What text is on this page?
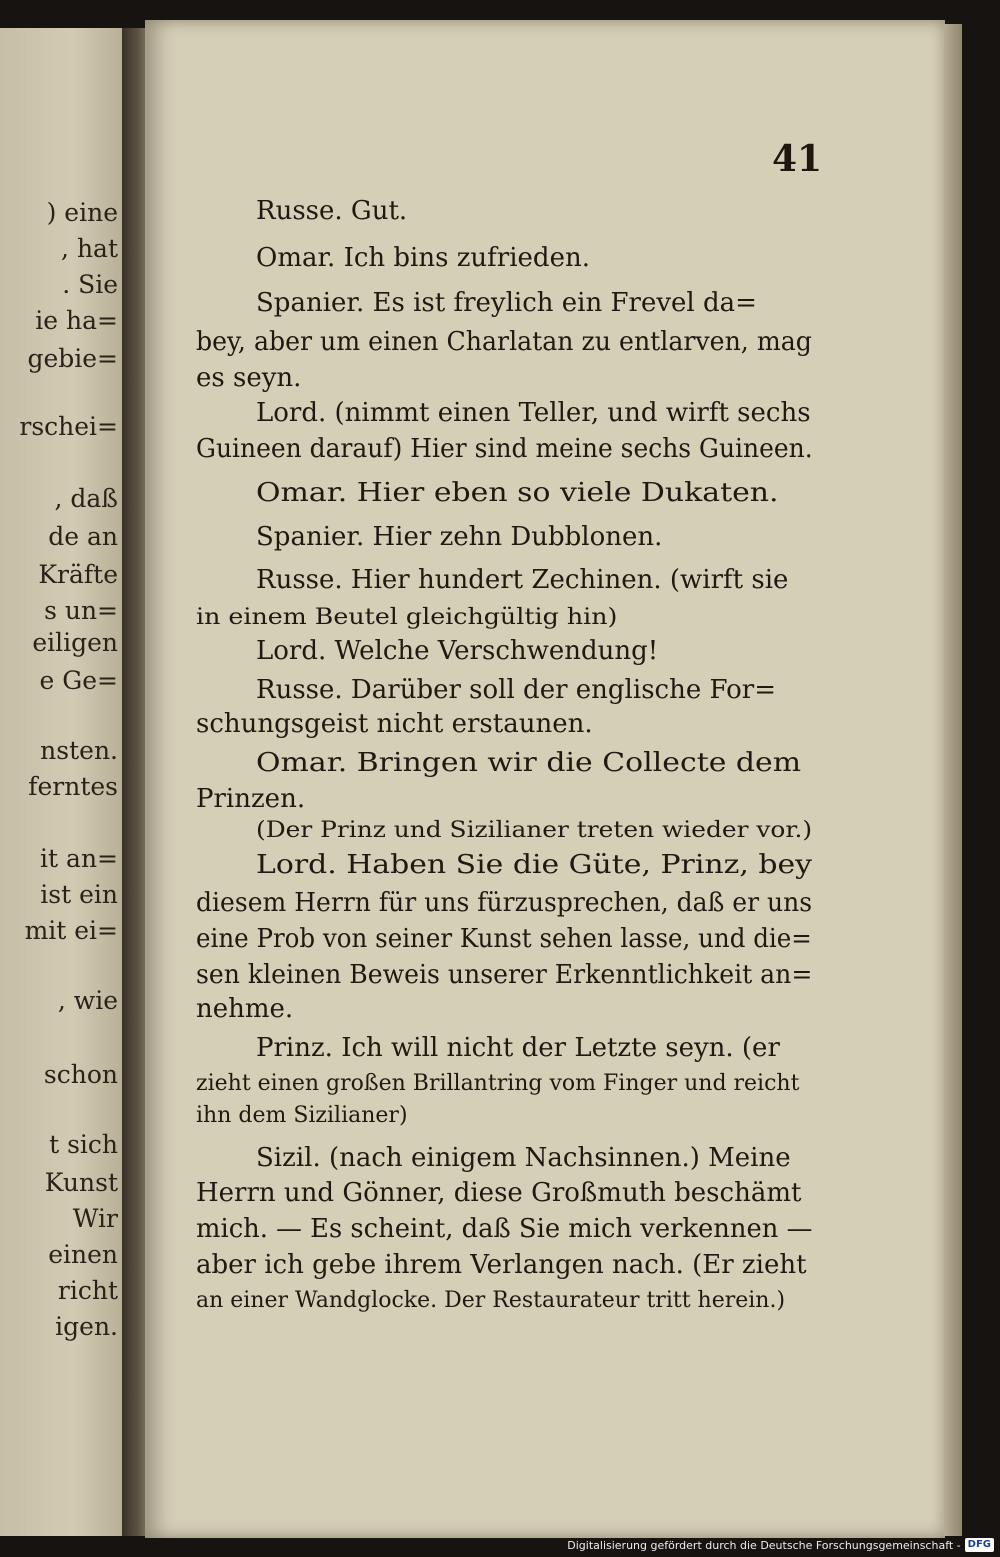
) eine
, hat
. Sie
ie ha=
gebie=
rschei=
, daß
de an
Kräfte
s un=
eiligen
e Ge=
nsten.
ferntes
it an=
ist ein
mit ei=
, wie
schon
t sich
Kunst
Wir
einen
richt
igen.
41
Russe. Gut.
Omar. Ich bins zufrieden.
Spanier. Es ist freylich ein Frevel da=
bey, aber um einen Charlatan zu entlarven, mag
es seyn.
Lord. (nimmt einen Teller, und wirft sechs
Guineen darauf) Hier sind meine sechs Guineen.
Omar. Hier eben so viele Dukaten.
Spanier. Hier zehn Dubblonen.
Russe. Hier hundert Zechinen. (wirft sie
in einem Beutel gleichgültig hin)
Lord. Welche Verschwendung!
Russe. Darüber soll der englische For=
schungsgeist nicht erstaunen.
Omar. Bringen wir die Collecte dem
Prinzen.
(Der Prinz und Sizilianer treten wieder vor.)
Lord. Haben Sie die Güte, Prinz, bey
diesem Herrn für uns fürzusprechen, daß er uns
eine Prob von seiner Kunst sehen lasse, und die=
sen kleinen Beweis unserer Erkenntlichkeit an=
nehme.
Prinz. Ich will nicht der Letzte seyn. (er
zieht einen großen Brillantring vom Finger und reicht
ihn dem Sizilianer)
Sizil. (nach einigem Nachsinnen.) Meine
Herrn und Gönner, diese Großmuth beschämt
mich. — Es scheint, daß Sie mich verkennen —
aber ich gebe ihrem Verlangen nach. (Er zieht
an einer Wandglocke. Der Restaurateur tritt herein.)
Digitalisierung gefördert durch die Deutsche Forschungsgemeinschaft - DFG
